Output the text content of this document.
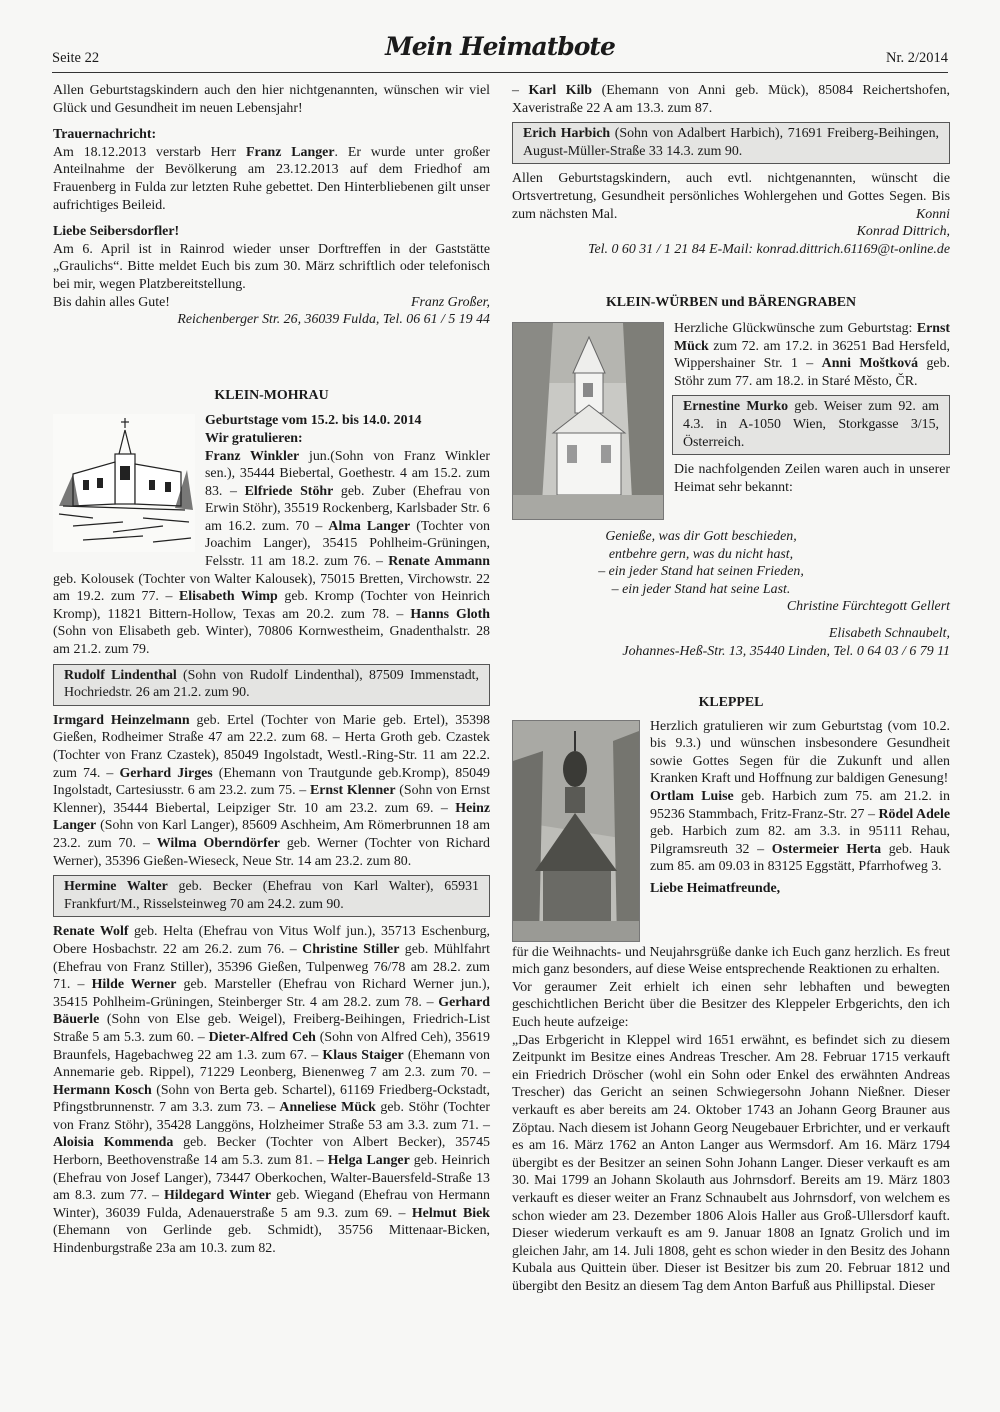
Seite 22	Mein Heimatbote	Nr. 2/2014

Allen Geburtstagskindern auch den hier nichtgenannten, wünschen wir viel Glück und Gesundheit im neuen Lebensjahr!

Trauernachricht:

Am 18.12.2013 verstarb Herr Franz Langer. Er wurde unter großer Anteilnahme der Bevölkerung am 23.12.2013 auf dem Friedhof am Frauenberg in Fulda zur letzten Ruhe gebettet. Den Hinterbliebenen gilt unser aufrichtiges Beileid.

Liebe Seibersdorfler!

Am 6. April ist in Rainrod wieder unser Dorftreffen in der Gaststätte „Graulichs“. Bitte meldet Euch bis zum 30. März schriftlich oder telefonisch bei mir, wegen Platzbereitstellung.

Bis dahin alles Gute!	Franz Großer,

Reichenberger Str. 26, 36039 Fulda, Tel. 06 61 / 5 19 44

KLEIN-MOHRAU

Geburtstage vom 15.2. bis 14.0. 2014

Wir gratulieren:

Franz Winkler jun.(Sohn von Franz Winkler sen.), 35444 Biebertal, Goethestr. 4 am 15.2. zum 83. – Elfriede Stöhr geb. Zuber (Ehefrau von Erwin Stöhr), 35519 Rockenberg, Karlsbader Str. 6 am 16.2. zum. 70 – Alma Langer (Tochter von Joachim Langer), 35415 Pohlheim-Grüningen, Felsstr. 11 am 18.2. zum 76. – Renate Ammann geb. Kolousek (Tochter von Walter Kalousek), 75015 Bretten, Virchowstr. 22 am 19.2. zum 77. – Elisabeth Wimp geb. Kromp (Tochter von Heinrich Kromp), 11821 Bittern-Hollow, Texas am 20.2. zum 78. – Hanns Gloth (Sohn von Elisabeth geb. Winter), 70806 Kornwestheim, Gnadenthalstr. 28 am 21.2. zum 79.

Rudolf Lindenthal (Sohn von Rudolf Lindenthal), 87509 Immenstadt, Hochriedstr. 26 am 21.2. zum 90.

Irmgard Heinzelmann geb. Ertel (Tochter von Marie geb. Ertel), 35398 Gießen, Rodheimer Straße 47 am 22.2. zum 68. – Herta Groth geb. Czastek (Tochter von Franz Czastek), 85049 Ingolstadt, Westl.-Ring-Str. 11 am 22.2. zum 74. – Gerhard Jirges (Ehemann von Trautgunde geb.Kromp), 85049 Ingolstadt, Cartesiusstr. 6 am 23.2. zum 75. – Ernst Klenner (Sohn von Ernst Klenner), 35444 Biebertal, Leipziger Str. 10 am 23.2. zum 69. – Heinz Langer (Sohn von Karl Langer), 85609 Aschheim, Am Römerbrunnen 18 am 23.2. zum 70. – Wilma Oberndörfer geb. Werner (Tochter von Richard Werner), 35396 Gießen-Wieseck, Neue Str. 14 am 23.2. zum 80.

Hermine Walter geb. Becker (Ehefrau von Karl Walter), 65931 Frankfurt/M., Risselsteinweg 70 am 24.2. zum 90.

Renate Wolf geb. Helta (Ehefrau von Vitus Wolf jun.), 35713 Eschenburg, Obere Hosbachstr. 22 am 26.2. zum 76. – Christine Stiller geb. Mühlfahrt (Ehefrau von Franz Stiller), 35396 Gießen, Tulpenweg 76/78 am 28.2. zum 71. – Hilde Werner geb. Marsteller (Ehefrau von Richard Werner jun.), 35415 Pohlheim-Grüningen, Steinberger Str. 4 am 28.2. zum 78. – Gerhard Bäuerle (Sohn von Else geb. Weigel), Freiberg-Beihingen, Friedrich-List Straße 5 am 5.3. zum 60. – Dieter-Alfred Ceh (Sohn von Alfred Ceh), 35619 Braunfels, Hagebachweg 22 am 1.3. zum 67. – Klaus Staiger (Ehemann von Annemarie geb. Rippel), 71229 Leonberg, Bienenweg 7 am 2.3. zum 70. – Hermann Kosch (Sohn von Berta geb. Schartel), 61169 Friedberg-Ockstadt, Pfingstbrunnenstr. 7 am 3.3. zum 73. – Anneliese Mück geb. Stöhr (Tochter von Franz Stöhr), 35428 Langgöns, Holzheimer Straße 53 am 3.3. zum 71. – Aloisia Kommenda geb. Becker (Tochter von Albert Becker), 35745 Herborn, Beethovenstraße 14 am 5.3. zum 81. – Helga Langer geb. Heinrich (Ehefrau von Josef Langer), 73447 Oberkochen, Walter-Bauersfeld-Straße 13 am 8.3. zum 77. – Hildegard Winter geb. Wiegand (Ehefrau von Hermann Winter), 36039 Fulda, Adenauerstraße 5 am 9.3. zum 69. – Helmut Biek (Ehemann von Gerlinde geb. Schmidt), 35756 Mittenaar-Bicken, Hindenburgstraße 23a am 10.3. zum 82.

– Karl Kilb (Ehemann von Anni geb. Mück), 85084 Reichertshofen, Xaveristraße 22 A am 13.3. zum 87.

Erich Harbich (Sohn von Adalbert Harbich), 71691 Freiberg-Beihingen, August-Müller-Straße 33 14.3. zum 90.

Allen Geburtstagskindern, auch evtl. nichtgenannten, wünscht die Ortsvertretung, Gesundheit persönliches Wohlergehen und Gottes Segen. Bis zum nächsten Mal.	Konni

Konrad Dittrich,

Tel. 0 60 31 / 1 21 84 E-Mail: konrad.dittrich.61169@t-online.de

KLEIN-WÜRBEN und BÄRENGRABEN

Herzliche Glückwünsche zum Geburtstag: Ernst Mück zum 72. am 17.2. in 36251 Bad Hersfeld, Wippershainer Str. 1 – Anni Moštková geb. Stöhr zum 77. am 18.2. in Staré Město, ČR.

Ernestine Murko geb. Weiser zum 92. am 4.3. in A-1050 Wien, Storkgasse 3/15, Österreich.

Die nachfolgenden Zeilen waren auch in unserer Heimat sehr bekannt:

Genieße, was dir Gott beschieden,

entbehre gern, was du nicht hast,

– ein jeder Stand hat seinen Frieden,

– ein jeder Stand hat seine Last.

Christine Fürchtegott Gellert

Elisabeth Schnaubelt,

Johannes-Heß-Str. 13, 35440 Linden, Tel. 0 64 03 / 6 79 11

KLEPPEL

Herzlich gratulieren wir zum Geburtstag (vom 10.2. bis 9.3.) und wünschen insbesondere Gesundheit sowie Gottes Segen für die Zukunft und allen Kranken Kraft und Hoffnung zur baldigen Genesung!

Ortlam Luise geb. Harbich zum 75. am 21.2. in 95236 Stammbach, Fritz-Franz-Str. 27 – Rödel Adele geb. Harbich zum 82. am 3.3. in 95111 Rehau, Pilgramsreuth 32 – Ostermeier Herta geb. Hauk zum 85. am 09.03 in 83125 Eggstätt, Pfarrhofweg 3.

Liebe Heimatfreunde,

für die Weihnachts- und Neujahrsgrüße danke ich Euch ganz herzlich. Es freut mich ganz besonders, auf diese Weise entsprechende Reaktionen zu erhalten.

Vor geraumer Zeit erhielt ich einen sehr lebhaften und bewegten geschichtlichen Bericht über die Besitzer des Kleppeler Erbgerichts, den ich Euch heute aufzeige:

„Das Erbgericht in Kleppel wird 1651 erwähnt, es befindet sich zu diesem Zeitpunkt im Besitze eines Andreas Trescher. Am 28. Februar 1715 verkauft ein Friedrich Dröscher (wohl ein Sohn oder Enkel des erwähnten Andreas Trescher) das Gericht an seinen Schwiegersohn Johann Nießner. Dieser verkauft es aber bereits am 24. Oktober 1743 an Johann Georg Brauner aus Zöptau. Nach diesem ist Johann Georg Neugebauer Erbrichter, und er verkauft es am 16. März 1762 an Anton Langer aus Wermsdorf. Am 16. März 1794 übergibt es der Besitzer an seinen Sohn Johann Langer. Dieser verkauft es am 30. Mai 1799 an Johann Skolauth aus Johrnsdorf. Bereits am 19. März 1803 verkauft es dieser weiter an Franz Schnaubelt aus Johrnsdorf, von welchem es schon wieder am 23. Dezember 1806 Alois Haller aus Groß-Ullersdorf kauft. Dieser wiederum verkauft es am 9. Januar 1808 an Ignatz Grolich und im gleichen Jahr, am 14. Juli 1808, geht es schon wieder in den Besitz des Johann Kubala aus Quittein über. Dieser ist Besitzer bis zum 20. Februar 1812 und übergibt den Besitz an diesem Tag dem Anton Barfuß aus Phillipstal. Dieser
